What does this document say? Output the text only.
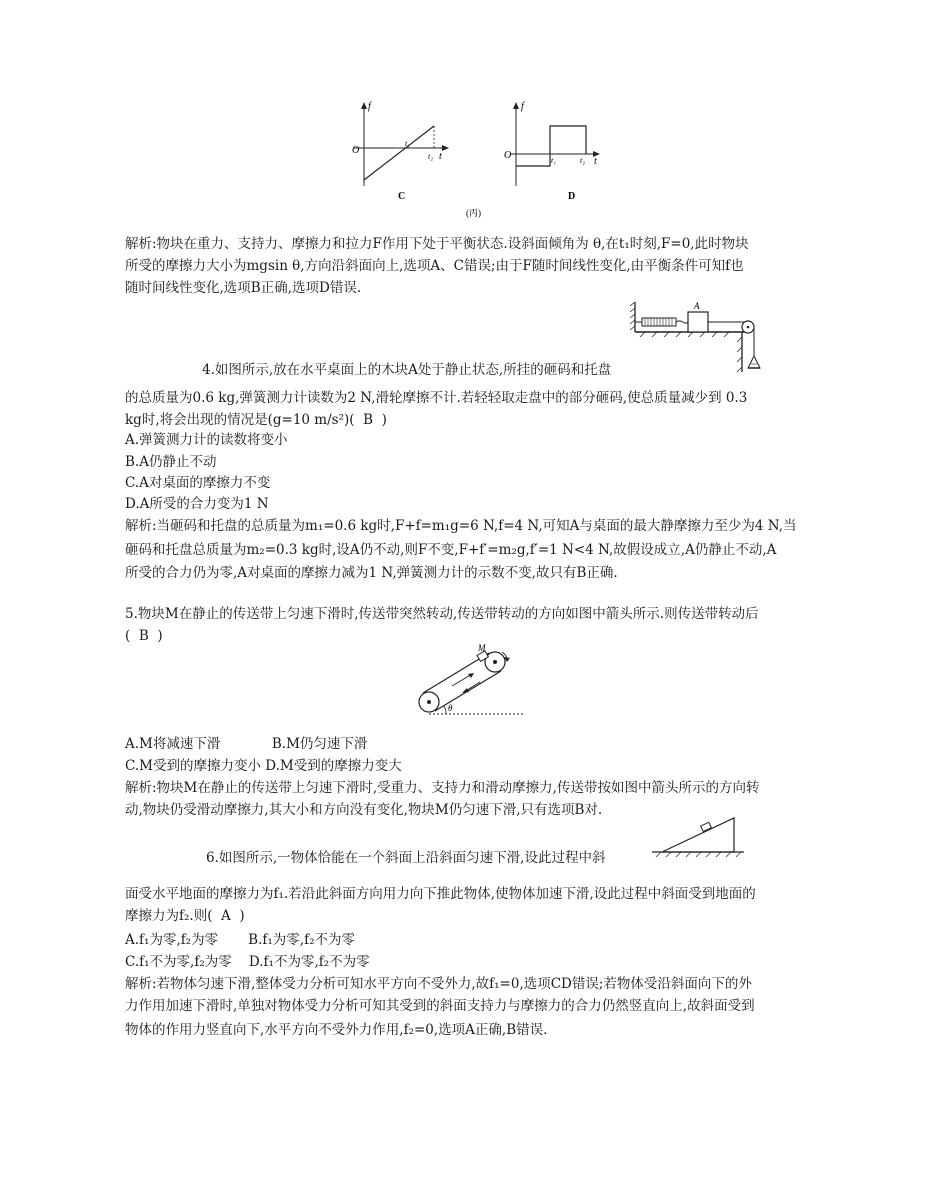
f
O
t₁
t₂ t
C
f
O	t₁	t₂ t
D
(丙)
解析:物块在重力、支持力、摩擦力和拉力F作用下处于平衡状态.设斜面倾角为 θ,在t₁时刻,F=0,此时物块
所受的摩擦力大小为mgsin θ,方向沿斜面向上,选项A、C错误;由于F随时间线性变化,由平衡条件可知f也
随时间线性变化,选项B正确,选项D错误.
A
4.如图所示,放在水平桌面上的木块A处于静止状态,所挂的砸码和托盘
的总质量为0.6 kg,弹簧测力计读数为2 N,滑轮摩擦不计.若轻轻取走盘中的部分砸码,使总质量减少到 0.3
kg时,将会出现的情况是(g=10 m/s²)(  B  )
A.弹簧测力计的读数将变小
B.A仍静止不动
C.A对桌面的摩擦力不变
D.A所受的合力变为1 N
解析:当砸码和托盘的总质量为m₁=0.6 kg时,F+f=m₁g=6 N,f=4 N,可知A与桌面的最大静摩擦力至少为4 N,当
砸码和托盘总质量为m₂=0.3 kg时,设A仍不动,则F不变,F+f′=m₂g,f′=1 N<4 N,故假设成立,A仍静止不动,A
所受的合力仍为零,A对桌面的摩擦力减为1 N,弹簧测力计的示数不变,故只有B正确.
5.物块M在静止的传送带上匀速下滑时,传送带突然转动,传送带转动的方向如图中箭头所示.则传送带转动后
(  B  )
M
θ
A.M将减速下滑            B.M仍匀速下滑
C.M受到的摩擦力变小 D.M受到的摩擦力变大
解析:物块M在静止的传送带上匀速下滑时,受重力、支持力和滑动摩擦力,传送带按如图中箭头所示的方向转
动,物块仍受滑动摩擦力,其大小和方向没有变化,物块M仍匀速下滑,只有选项B对.
6.如图所示,一物体恰能在一个斜面上沿斜面匀速下滑,设此过程中斜
面受水平地面的摩擦力为f₁.若沿此斜面方向用力向下推此物体,使物体加速下滑,设此过程中斜面受到地面的
摩擦力为f₂.则(  A  )
A.f₁为零,f₂为零       B.f₁为零,f₂不为零
C.f₁不为零,f₂为零    D.f₁不为零,f₂不为零
解析:若物体匀速下滑,整体受力分析可知水平方向不受外力,故f₁=0,选项CD错误;若物体受沿斜面向下的外
力作用加速下滑时,单独对物体受力分析可知其受到的斜面支持力与摩擦力的合力仍然竖直向上,故斜面受到
物体的作用力竖直向下,水平方向不受外力作用,f₂=0,选项A正确,B错误.
